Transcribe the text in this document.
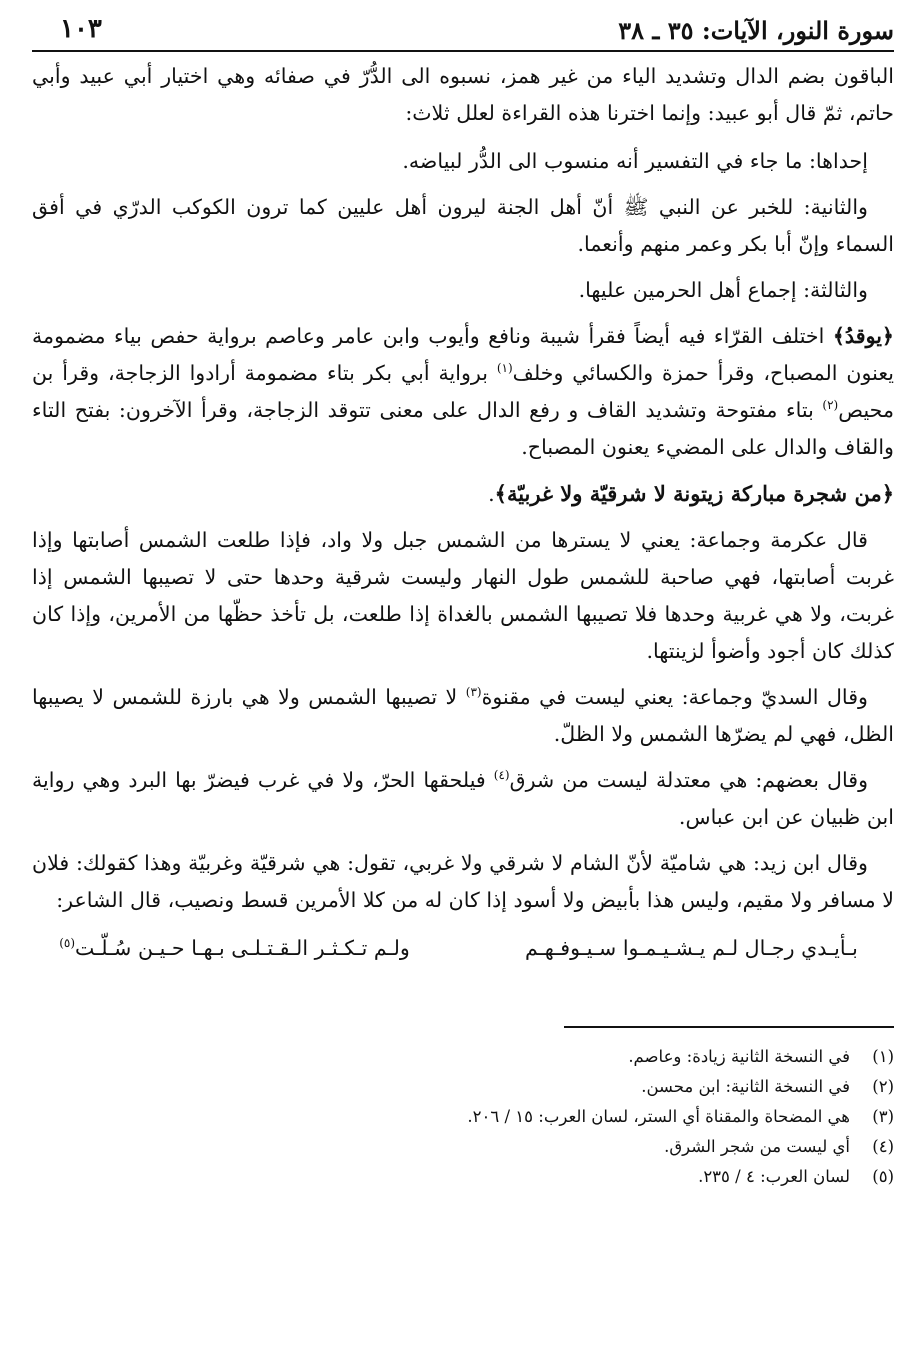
سورة النور، الآيات: ٣٥ ـ ٣٨
١٠٣

الباقون بضم الدال وتشديد الياء من غير همز، نسبوه الى الدُّرّ في صفائه وهي اختيار أبي عبيد وأبي حاتم، ثمّ قال أبو عبيد: وإنما اخترنا هذه القراءة لعلل ثلاث:

إحداها: ما جاء في التفسير أنه منسوب الى الدُّر لبياضه.

والثانية: للخبر عن النبي ﷺ أنّ أهل الجنة ليرون أهل عليين كما ترون الكوكب الدرّي في أفق السماء وإنّ أبا بكر وعمر منهم وأنعما.

والثالثة: إجماع أهل الحرمين عليها.

﴿يوقدُ﴾ اختلف القرّاء فيه أيضاً فقرأ شيبة ونافع وأيوب وابن عامر وعاصم برواية حفص بياء مضمومة يعنون المصباح، وقرأ حمزة والكسائي وخلف$^{(١)}$ برواية أبي بكر بتاء مضمومة أرادوا الزجاجة، وقرأ بن محيص$^{(٢)}$ بتاء مفتوحة وتشديد القاف و رفع الدال على معنى تتوقد الزجاجة، وقرأ الآخرون: بفتح التاء والقاف والدال على المضيء يعنون المصباح.

﴿من شجرة مباركة زيتونة لا شرقيّة ولا غربيّة﴾.

قال عكرمة وجماعة: يعني لا يسترها من الشمس جبل ولا واد، فإذا طلعت الشمس أصابتها وإذا غربت أصابتها، فهي صاحبة للشمس طول النهار وليست شرقية وحدها حتى لا تصيبها الشمس إذا غربت، ولا هي غربية وحدها فلا تصيبها الشمس بالغداة إذا طلعت، بل تأخذ حظّها من الأمرين، وإذا كان كذلك كان أجود وأضوأ لزينتها.

وقال السديّ وجماعة: يعني ليست في مقنوة$^{(٣)}$ لا تصيبها الشمس ولا هي بارزة للشمس لا يصيبها الظل، فهي لم يضرّها الشمس ولا الظلّ.

وقال بعضهم: هي معتدلة ليست من شرق$^{(٤)}$ فيلحقها الحرّ، ولا في غرب فيضرّ بها البرد وهي رواية ابن ظبيان عن ابن عباس.

وقال ابن زيد: هي شاميّة لأنّ الشام لا شرقي ولا غربي، تقول: هي شرقيّة وغربيّة وهذا كقولك: فلان لا مسافر ولا مقيم، وليس هذا بأبيض ولا أسود إذا كان له من كلا الأمرين قسط ونصيب، قال الشاعر:

بـأيـدي رجـال لـم يـشـيـمـوا سـيـوفـهـم
ولـم تـكـثـر الـقـتـلـى بـهـا حـيـن سُـلّـت$^{(٥)}$
(١)
في النسخة الثانية زيادة: وعاصم.
(٢)
في النسخة الثانية: ابن محسن.
(٣)
هي المضحاة والمقناة أي الستر، لسان العرب: ١٥ / ٢٠٦.
(٤)
أي ليست من شجر الشرق.
(٥)
لسان العرب: ٤ / ٢٣٥.
